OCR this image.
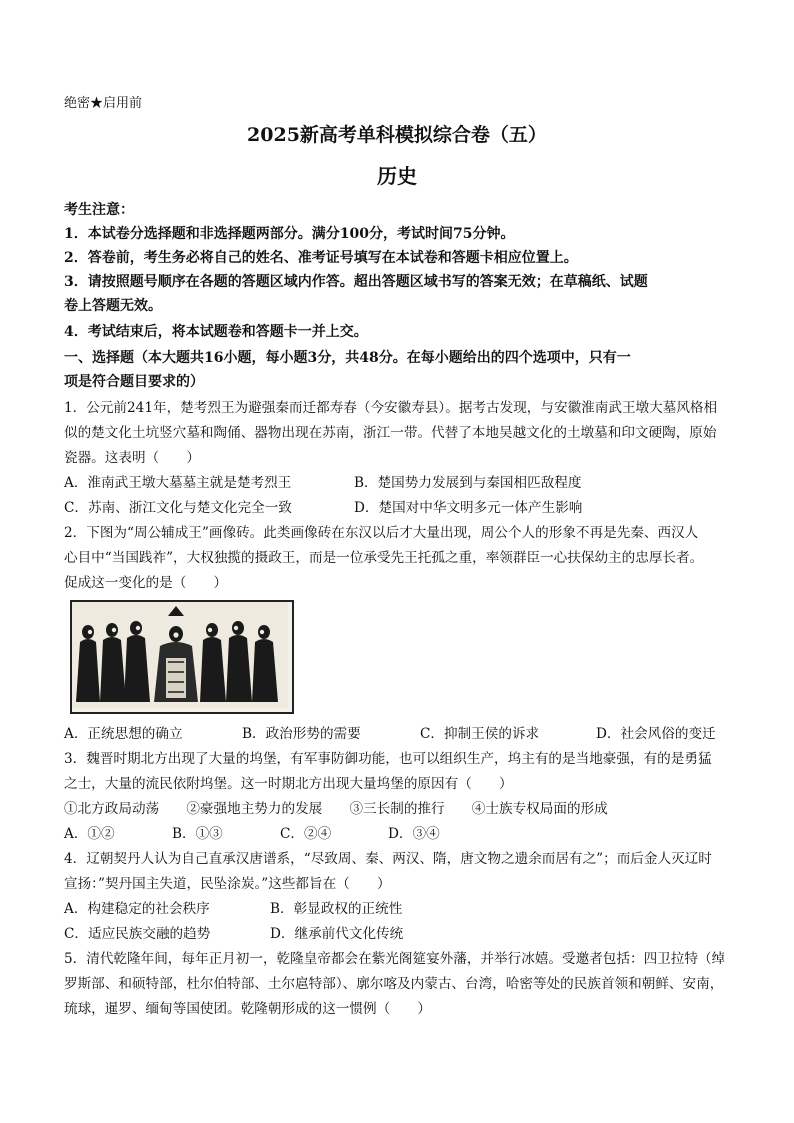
绝密★启用前
2025新高考单科模拟综合卷（五）
历史
考生注意：
1．本试卷分选择题和非选择题两部分。满分100分，考试时间75分钟。
2．答卷前，考生务必将自己的姓名、准考证号填写在本试卷和答题卡相应位置上。
3．请按照题号顺序在各题的答题区域内作答。超出答题区域书写的答案无效；在草稿纸、试题
卷上答题无效。
4．考试结束后，将本试题卷和答题卡一并上交。
一、选择题（本大题共16小题，每小题3分，共48分。在每小题给出的四个选项中，只有一
项是符合题目要求的）
1．公元前241年，楚考烈王为避强秦而迁都寿春（今安徽寿县）。据考古发现，与安徽淮南武王墩大墓风格相
似的楚文化土坑竖穴墓和陶俑、器物出现在苏南，浙江一带。代替了本地吴越文化的土墩墓和印文硬陶，原始
瓷器。这表明（　　）
A．淮南武王墩大墓墓主就是楚考烈王	B．楚国势力发展到与秦国相匹敌程度
C．苏南、浙江文化与楚文化完全一致	D．楚国对中华文明多元一体产生影响
2．下图为“周公辅成王”画像砖。此类画像砖在东汉以后才大量出现，周公个人的形象不再是先秦、西汉人
心目中“当国践祚”，大权独揽的摄政王，而是一位承受先王托孤之重，率领群臣一心扶保幼主的忠厚长者。
促成这一变化的是（　　）
A．正统思想的确立	B．政治形势的需要	C．抑制王侯的诉求	D．社会风俗的变迁
3．魏晋时期北方出现了大量的坞堡，有军事防御功能，也可以组织生产，坞主有的是当地豪强，有的是勇猛
之士，大量的流民依附坞堡。这一时期北方出现大量坞堡的原因有（　　）
①北方政局动荡　　②豪强地主势力的发展　　③三长制的推行　　④士族专权局面的形成
A．①②	B．①③	C．②④	D．③④
4．辽朝契丹人认为自己直承汉唐谱系，“尽致周、秦、两汉、隋，唐文物之遗余而居有之”；而后金人灭辽时
宣扬：”契丹国主失道，民坠涂炭。”这些都旨在（　　）
A．构建稳定的社会秩序	B．彰显政权的正统性
C．适应民族交融的趋势	D．继承前代文化传统
5．清代乾隆年间，每年正月初一，乾隆皇帝都会在紫光阁筵宴外藩，并举行冰嬉。受邀者包括：四卫拉特（绰
罗斯部、和硕特部，杜尔伯特部、土尔扈特部）、廓尔喀及内蒙古、台湾，哈密等处的民族首领和朝鲜、安南，
琉球，暹罗、缅甸等国使团。乾隆朝形成的这一惯例（　　）
